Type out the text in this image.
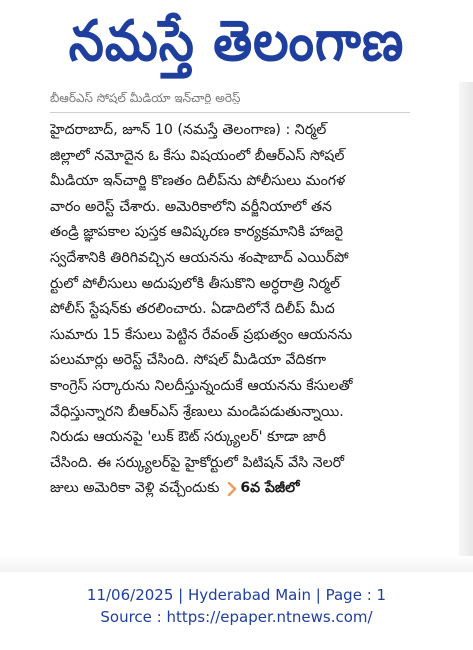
నమస్తే తెలంగాణ
బీఆర్ఎస్ సోషల్ మీడియా ఇన్‌చార్జి అరెస్ట్
హైదరాబాద్, జూన్ 10 (నమస్తే తెలంగాణ) : నిర్మల్
జిల్లాలో నమోదైన ఓ కేసు విషయంలో బీఆర్ఎస్ సోషల్
మీడియా ఇన్‌చార్జి కొణతం దిలీప్‌ను పోలీసులు మంగళ
వారం అరెస్ట్ చేశారు. అమెరికాలోని వర్జీనియాలో తన
తండ్రి జ్ఞాపకాల పుస్తక ఆవిష్కరణ కార్యక్రమానికి హాజరై
స్వదేశానికి తిరిగివచ్చిన ఆయనను శంషాబాద్ ఎయిర్‌పో
ర్టులో పోలీసులు అదుపులోకి తీసుకొని అర్ధరాత్రి నిర్మల్
పోలీస్ స్టేషన్‌కు తరలించారు. ఏడాదిలోనే దిలీప్ మీద
సుమారు 15 కేసులు పెట్టిన రేవంత్ ప్రభుత్వం ఆయనను
పలుమార్లు అరెస్ట్ చేసింది. సోషల్ మీడియా వేదికగా
కాంగ్రెస్ సర్కారును నిలదీస్తున్నందుకే ఆయనను కేసులతో
వేధిస్తున్నారని బీఆర్ఎస్ శ్రేణులు మండిపడుతున్నాయి.
నిరుడు ఆయనపై 'లుక్ ఔట్ సర్క్యులర్' కూడా జారీ
చేసింది. ఈ సర్క్యులర్‌పై హైకోర్టులో పిటిషన్ వేసి నెలరో
జులు అమెరికా వెళ్లి వచ్చేందుకు 6వ పేజీలో
11/06/2025 | Hyderabad Main | Page : 1
Source : https://epaper.ntnews.com/
